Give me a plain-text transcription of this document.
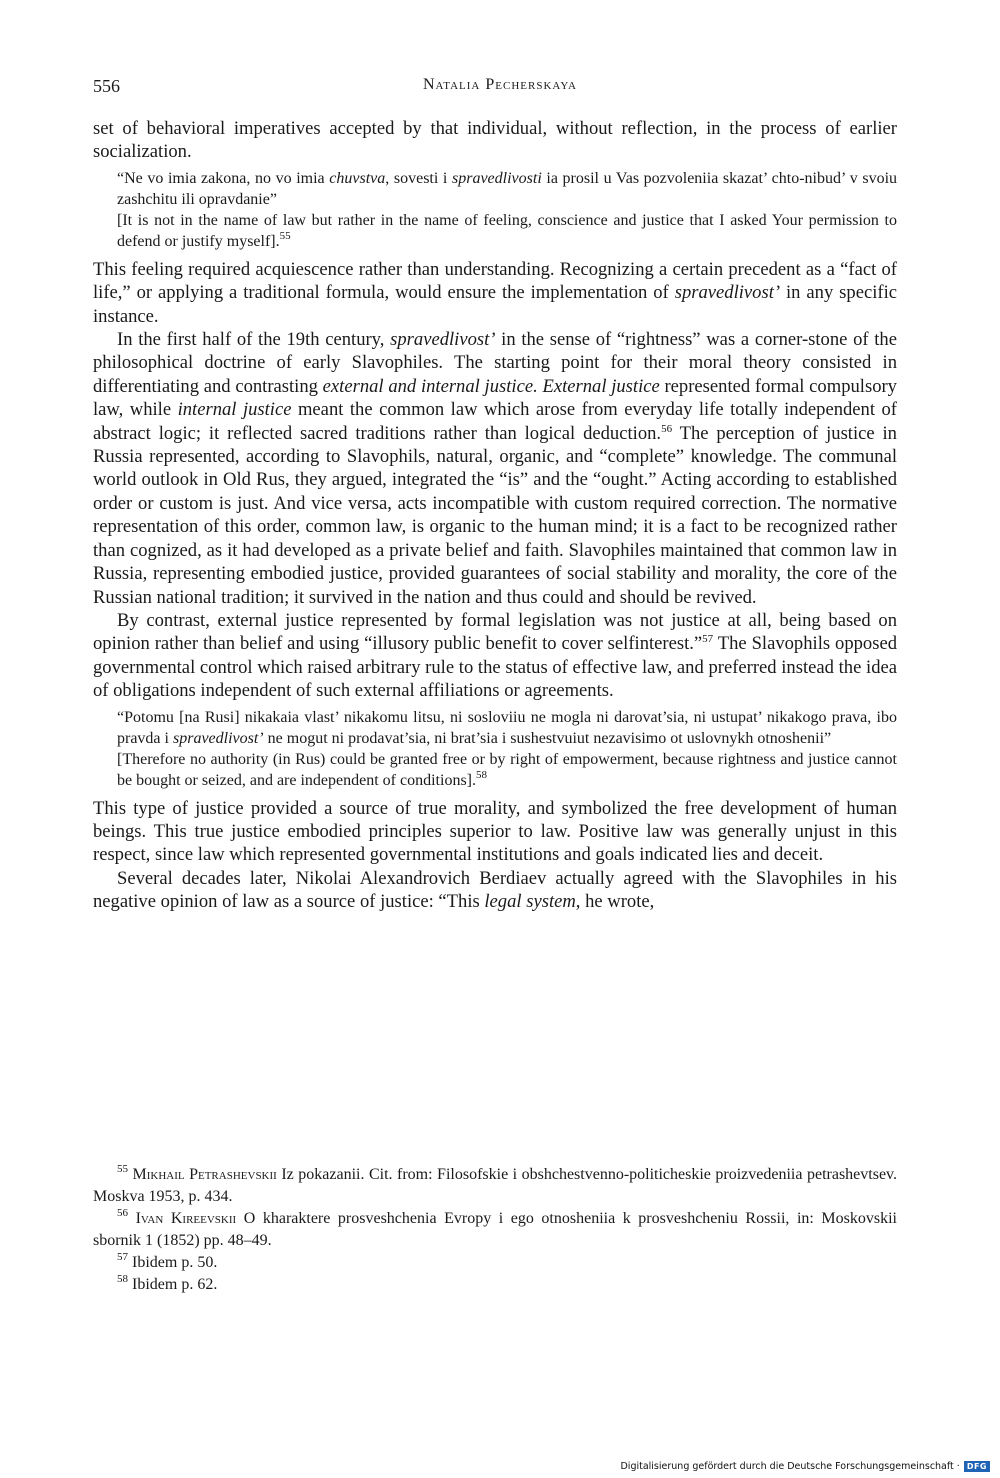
556	Natalia Pecherskaya

set of behavioral imperatives accepted by that individual, without reflection, in the process of earlier socialization.

“Ne vo imia zakona, no vo imia chuvstva, sovesti i spravedlivosti ia prosil u Vas pozvoleniia skazat’ chto-nibud’ v svoiu zashchitu ili opravdanie”

[It is not in the name of law but rather in the name of feeling, conscience and justice that I asked Your permission to defend or justify myself].$^{55}$

This feeling required acquiescence rather than understanding. Recognizing a certain precedent as a “fact of life,” or applying a traditional formula, would ensure the implementation of spravedlivost’ in any specific instance.

In the first half of the 19th century, spravedlivost’ in the sense of “rightness” was a corner-stone of the philosophical doctrine of early Slavophiles. The starting point for their moral theory consisted in differentiating and contrasting external and internal justice. External justice represented formal compulsory law, while internal justice meant the common law which arose from everyday life totally independent of abstract logic; it reflected sacred traditions rather than logical deduction.$^{56}$ The perception of justice in Russia represented, according to Slavophils, natural, organic, and “complete” knowledge. The communal world outlook in Old Rus, they argued, integrated the “is” and the “ought.” Acting according to established order or custom is just. And vice versa, acts incompatible with custom required correction. The normative representation of this order, common law, is organic to the human mind; it is a fact to be recognized rather than cognized, as it had developed as a private belief and faith. Slavophiles maintained that common law in Russia, representing embodied justice, provided guarantees of social stability and morality, the core of the Russian national tradition; it survived in the nation and thus could and should be revived.

By contrast, external justice represented by formal legislation was not justice at all, being based on opinion rather than belief and using “illusory public benefit to cover selfinterest.”$^{57}$ The Slavophils opposed governmental control which raised arbitrary rule to the status of effective law, and preferred instead the idea of obligations independent of such external affiliations or agreements.

“Potomu [na Rusi] nikakaia vlast’ nikakomu litsu, ni sosloviiu ne mogla ni darovat’sia, ni ustupat’ nikakogo prava, ibo pravda i spravedlivost’ ne mogut ni prodavat’sia, ni brat’sia i sushestvuiut nezavisimo ot uslovnykh otnoshenii”

[Therefore no authority (in Rus) could be granted free or by right of empowerment, because rightness and justice cannot be bought or seized, and are independent of conditions].$^{58}$

This type of justice provided a source of true morality, and symbolized the free development of human beings. This true justice embodied principles superior to law. Positive law was generally unjust in this respect, since law which represented governmental institutions and goals indicated lies and deceit.

Several decades later, Nikolai Alexandrovich Berdiaev actually agreed with the Slavophiles in his negative opinion of law as a source of justice: “This legal system, he wrote,

$^{55}$ Mikhail Petrashevskii Iz pokazanii. Cit. from: Filosofskie i obshchestvenno-politicheskie proizvedeniia petrashevtsev. Moskva 1953, p. 434.

$^{56}$ Ivan Kireevskii O kharaktere prosveshchenia Evropy i ego otnosheniia k prosveshcheniu Rossii, in: Moskovskii sbornik 1 (1852) pp. 48–49.

$^{57}$ Ibidem p. 50.

$^{58}$ Ibidem p. 62.

Digitalisierung gefördert durch die Deutsche Forschungsgemeinschaft · DFG
